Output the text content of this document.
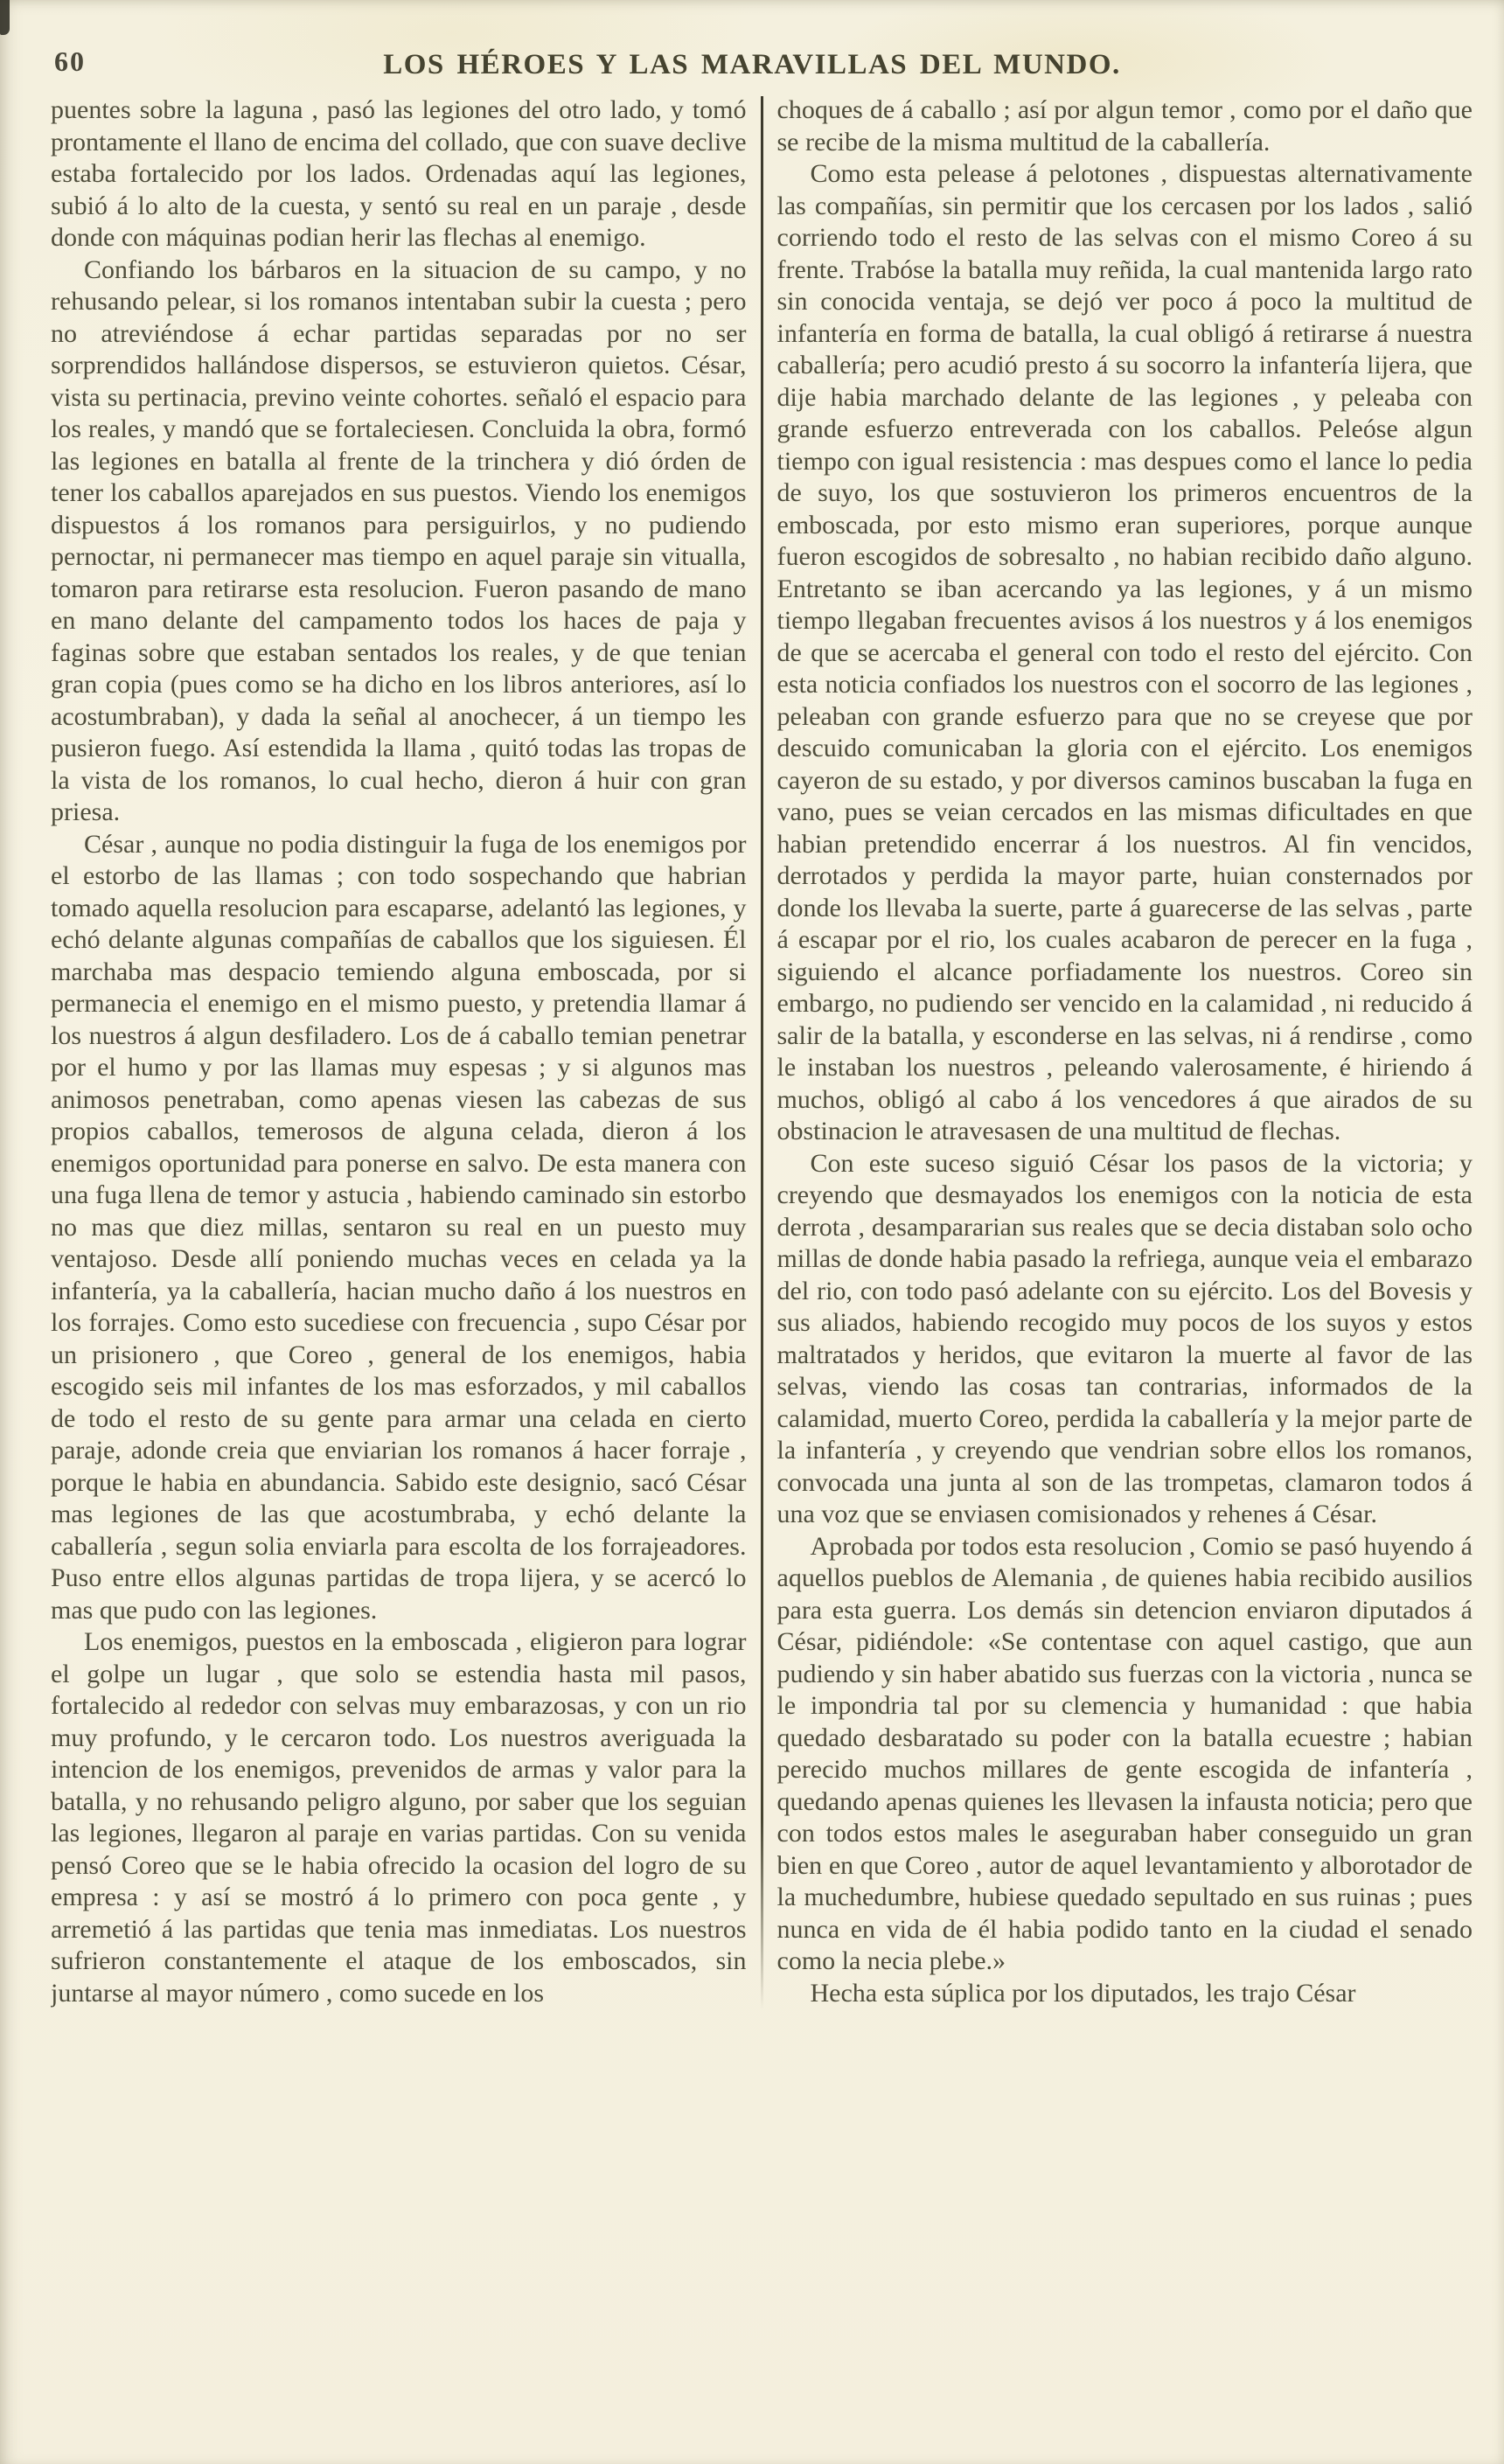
60	LOS HÉROES Y LAS MARAVILLAS DEL MUNDO.

puentes sobre la laguna , pasó las legiones del otro lado, y tomó prontamente el llano de encima del collado, que con suave declive estaba fortalecido por los lados. Ordenadas aquí las legiones, subió á lo alto de la cuesta, y sentó su real en un paraje , desde donde con máquinas podian herir las flechas al enemigo.

Confiando los bárbaros en la situacion de su campo, y no rehusando pelear, si los romanos intentaban subir la cuesta ; pero no atreviéndose á echar partidas separadas por no ser sorprendidos hallándose dispersos, se estuvieron quietos. César, vista su pertinacia, previno veinte cohortes. señaló el espacio para los reales, y mandó que se fortaleciesen. Concluida la obra, formó las legiones en batalla al frente de la trinchera y dió órden de tener los caballos aparejados en sus puestos. Viendo los enemigos dispuestos á los romanos para persiguirlos, y no pudiendo pernoctar, ni permanecer mas tiempo en aquel paraje sin vitualla, tomaron para retirarse esta resolucion. Fueron pasando de mano en mano delante del campamento todos los haces de paja y faginas sobre que estaban sentados los reales, y de que tenian gran copia (pues como se ha dicho en los libros anteriores, así lo acostumbraban), y dada la señal al anochecer, á un tiempo les pusieron fuego. Así estendida la llama , quitó todas las tropas de la vista de los romanos, lo cual hecho, dieron á huir con gran priesa.

César , aunque no podia distinguir la fuga de los enemigos por el estorbo de las llamas ; con todo sospechando que habrian tomado aquella resolucion para escaparse, adelantó las legiones, y echó delante algunas compañías de caballos que los siguiesen. Él marchaba mas despacio temiendo alguna emboscada, por si permanecia el enemigo en el mismo puesto, y pretendia llamar á los nuestros á algun desfiladero. Los de á caballo temian penetrar por el humo y por las llamas muy espesas ; y si algunos mas animosos penetraban, como apenas viesen las cabezas de sus propios caballos, temerosos de alguna celada, dieron á los enemigos oportunidad para ponerse en salvo. De esta manera con una fuga llena de temor y astucia , habiendo caminado sin estorbo no mas que diez millas, sentaron su real en un puesto muy ventajoso. Desde allí poniendo muchas veces en celada ya la infantería, ya la caballería, hacian mucho daño á los nuestros en los forrajes. Como esto sucediese con frecuencia , supo César por un prisionero , que Coreo , general de los enemigos, habia escogido seis mil infantes de los mas esforzados, y mil caballos de todo el resto de su gente para armar una celada en cierto paraje, adonde creia que enviarian los romanos á hacer forraje , porque le habia en abundancia. Sabido este designio, sacó César mas legiones de las que acostumbraba, y echó delante la caballería , segun solia enviarla para escolta de los forrajeadores. Puso entre ellos algunas partidas de tropa lijera, y se acercó lo mas que pudo con las legiones.

Los enemigos, puestos en la emboscada , eligieron para lograr el golpe un lugar , que solo se estendia hasta mil pasos, fortalecido al rededor con selvas muy embarazosas, y con un rio muy profundo, y le cercaron todo. Los nuestros averiguada la intencion de los enemigos, prevenidos de armas y valor para la batalla, y no rehusando peligro alguno, por saber que los seguian las legiones, llegaron al paraje en varias partidas. Con su venida pensó Coreo que se le habia ofrecido la ocasion del logro de su empresa : y así se mostró á lo primero con poca gente , y arremetió á las partidas que tenia mas inmediatas. Los nuestros sufrieron constantemente el ataque de los emboscados, sin juntarse al mayor número , como sucede en los

choques de á caballo ; así por algun temor , como por el daño que se recibe de la misma multitud de la caballería.

Como esta pelease á pelotones , dispuestas alternativamente las compañías, sin permitir que los cercasen por los lados , salió corriendo todo el resto de las selvas con el mismo Coreo á su frente. Trabóse la batalla muy reñida, la cual mantenida largo rato sin conocida ventaja, se dejó ver poco á poco la multitud de infantería en forma de batalla, la cual obligó á retirarse á nuestra caballería; pero acudió presto á su socorro la infantería lijera, que dije habia marchado delante de las legiones , y peleaba con grande esfuerzo entreverada con los caballos. Peleóse algun tiempo con igual resistencia : mas despues como el lance lo pedia de suyo, los que sostuvieron los primeros encuentros de la emboscada, por esto mismo eran superiores, porque aunque fueron escogidos de sobresalto , no habian recibido daño alguno. Entretanto se iban acercando ya las legiones, y á un mismo tiempo llegaban frecuentes avisos á los nuestros y á los enemigos de que se acercaba el general con todo el resto del ejército. Con esta noticia confiados los nuestros con el socorro de las legiones , peleaban con grande esfuerzo para que no se creyese que por descuido comunicaban la gloria con el ejército. Los enemigos cayeron de su estado, y por diversos caminos buscaban la fuga en vano, pues se veian cercados en las mismas dificultades en que habian pretendido encerrar á los nuestros. Al fin vencidos, derrotados y perdida la mayor parte, huian consternados por donde los llevaba la suerte, parte á guarecerse de las selvas , parte á escapar por el rio, los cuales acabaron de perecer en la fuga , siguiendo el alcance porfiadamente los nuestros. Coreo sin embargo, no pudiendo ser vencido en la calamidad , ni reducido á salir de la batalla, y esconderse en las selvas, ni á rendirse , como le instaban los nuestros , peleando valerosamente, é hiriendo á muchos, obligó al cabo á los vencedores á que airados de su obstinacion le atravesasen de una multitud de flechas.

Con este suceso siguió César los pasos de la victoria; y creyendo que desmayados los enemigos con la noticia de esta derrota , desampararian sus reales que se decia distaban solo ocho millas de donde habia pasado la refriega, aunque veia el embarazo del rio, con todo pasó adelante con su ejército. Los del Bovesis y sus aliados, habiendo recogido muy pocos de los suyos y estos maltratados y heridos, que evitaron la muerte al favor de las selvas, viendo las cosas tan contrarias, informados de la calamidad, muerto Coreo, perdida la caballería y la mejor parte de la infantería , y creyendo que vendrian sobre ellos los romanos, convocada una junta al son de las trompetas, clamaron todos á una voz que se enviasen comisionados y rehenes á César.

Aprobada por todos esta resolucion , Comio se pasó huyendo á aquellos pueblos de Alemania , de quienes habia recibido ausilios para esta guerra. Los demás sin detencion enviaron diputados á César, pidiéndole: «Se contentase con aquel castigo, que aun pudiendo y sin haber abatido sus fuerzas con la victoria , nunca se le impondria tal por su clemencia y humanidad : que habia quedado desbaratado su poder con la batalla ecuestre ; habian perecido muchos millares de gente escogida de infantería , quedando apenas quienes les llevasen la infausta noticia; pero que con todos estos males le aseguraban haber conseguido un gran bien en que Coreo , autor de aquel levantamiento y alborotador de la muchedumbre, hubiese quedado sepultado en sus ruinas ; pues nunca en vida de él habia podido tanto en la ciudad el senado como la necia plebe.»

Hecha esta súplica por los diputados, les trajo César
